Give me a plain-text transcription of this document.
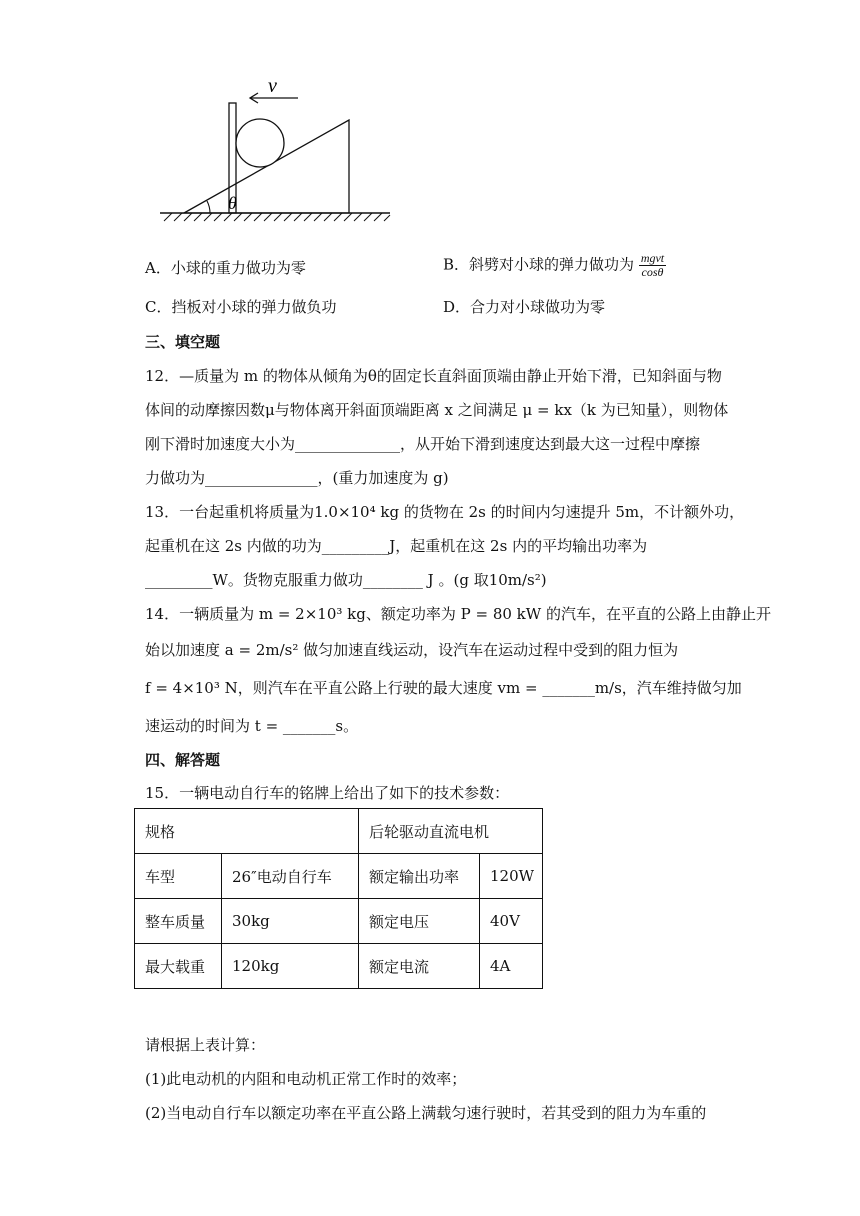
v
θ
A．小球的重力做功为零	B．斜劈对小球的弹力做功为 $\frac{\text{mgvt}}{\cos\theta}$
C．挡板对小球的弹力做负功	D．合力对小球做功为零
三、填空题
12．—质量为 m 的物体从倾角为θ的固定长直斜面顶端由静止开始下滑，已知斜面与物
体间的动摩擦因数μ与物体离开斜面顶端距离 x 之间满足 μ = kx（k 为已知量），则物体
刚下滑时加速度大小为______________，从开始下滑到速度达到最大这一过程中摩擦
力做功为_______________，(重力加速度为 g)
13．一台起重机将质量为1.0×10⁴ kg 的货物在 2s 的时间内匀速提升 5m，不计额外功，
起重机在这 2s 内做的功为_________J，起重机在这 2s 内的平均输出功率为
_________W。货物克服重力做功________ J 。(g 取10m/s²)
14．一辆质量为 m = 2×10³ kg、额定功率为 P = 80 kW 的汽车，在平直的公路上由静止开
始以加速度 a = 2m/s² 做匀加速直线运动，设汽车在运动过程中受到的阻力恒为
f = 4×10³ N，则汽车在平直公路上行驶的最大速度 vm = _______m/s，汽车维持做匀加
速运动的时间为 t = _______s。
四、解答题
15．一辆电动自行车的铭牌上给出了如下的技术参数：
规格		后轮驱动直流电机	
车型	26″电动自行车	额定输出功率	120W
整车质量	30kg	额定电压	40V
最大载重	120kg	额定电流	4A
请根据上表计算：
(1)此电动机的内阻和电动机正常工作时的效率；
(2)当电动自行车以额定功率在平直公路上满载匀速行驶时，若其受到的阻力为车重的
